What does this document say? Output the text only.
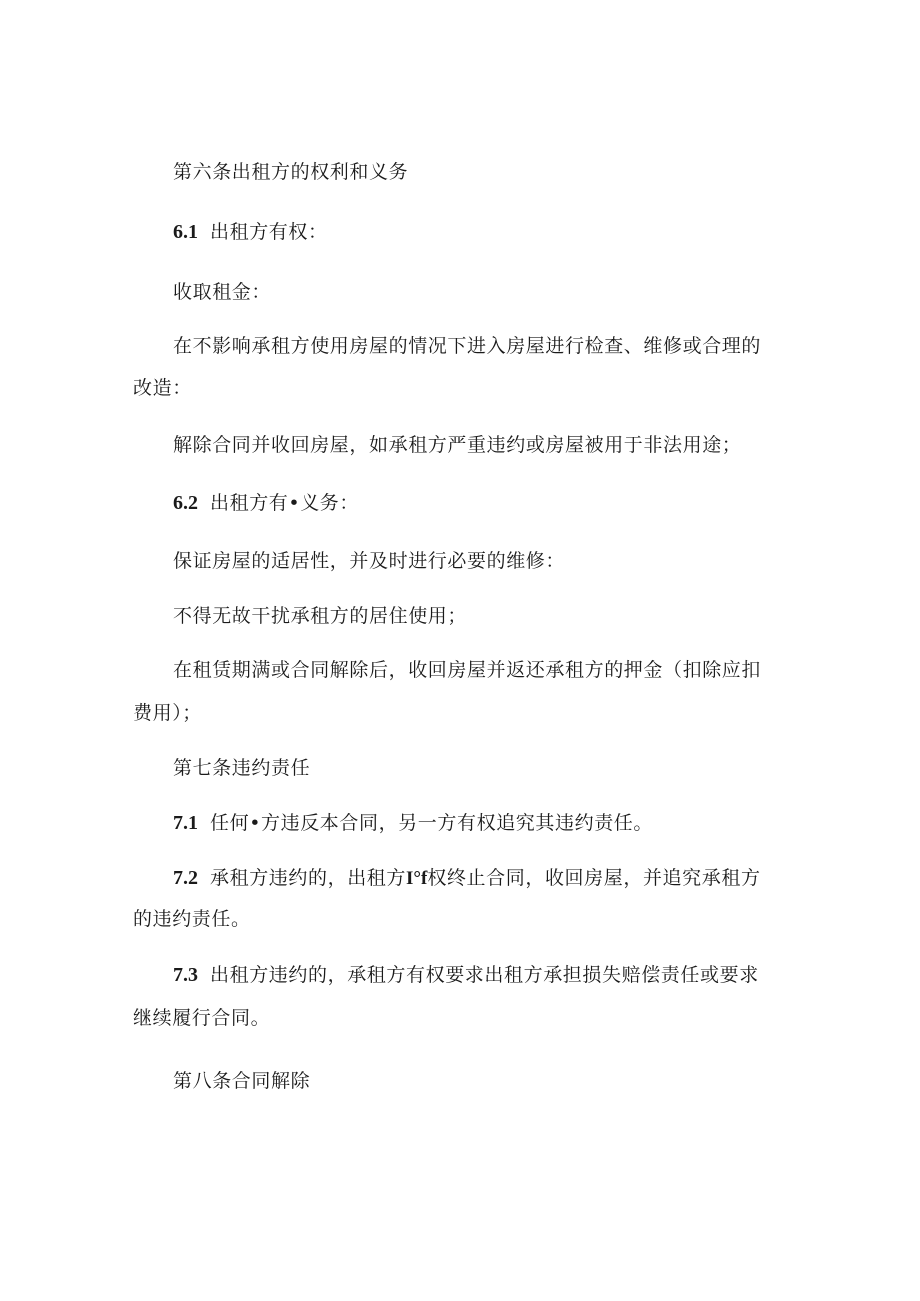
第六条出租方的权利和义务
6.1 出租方有权：
收取租金：
在不影响承租方使用房屋的情况下进入房屋进行检查、维修或合理的
改造：
解除合同并收回房屋，如承租方严重违约或房屋被用于非法用途；
6.2 出租方有•义务：
保证房屋的适居性，并及时进行必要的维修：
不得无故干扰承租方的居住使用；
在租赁期满或合同解除后，收回房屋并返还承租方的押金（扣除应扣
费用）；
第七条违约责任
7.1 任何•方违反本合同，另一方有权追究其违约责任。
7.2 承租方违约的，出租方I°f权终止合同，收回房屋，并追究承租方
的违约责任。
7.3 出租方违约的，承租方有权要求出租方承担损失赔偿责任或要求
继续履行合同。
第八条合同解除
